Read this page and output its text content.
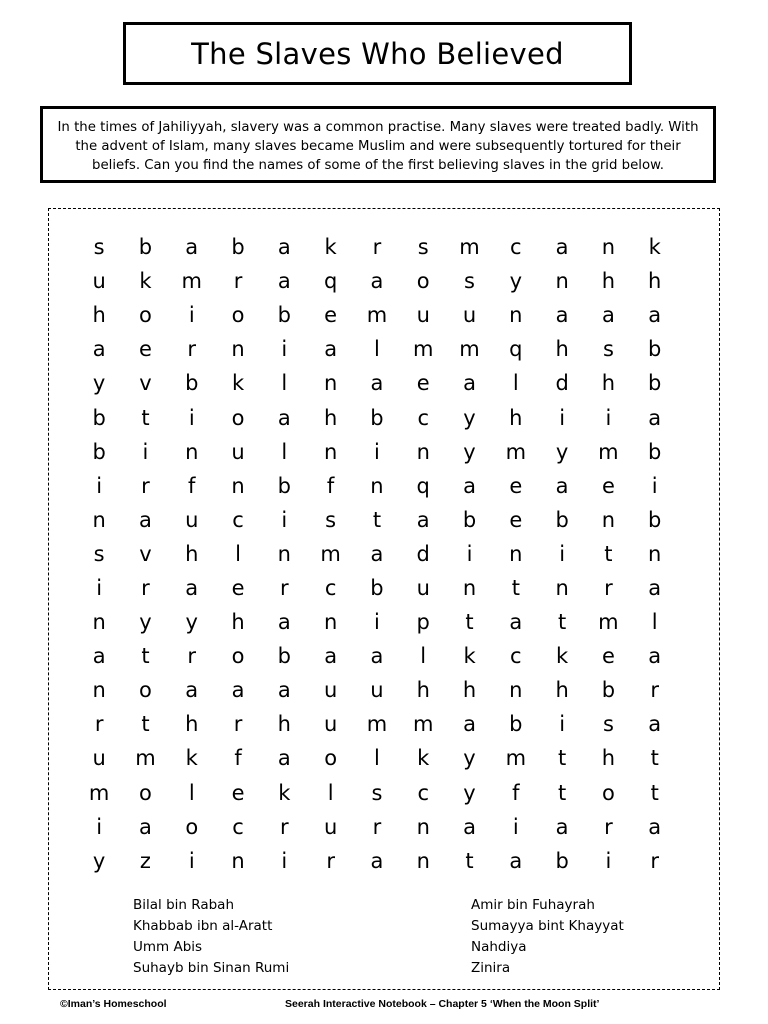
The Slaves Who Believed
In the times of Jahiliyyah, slavery was a common practise. Many slaves were treated badly. With the advent of Islam, many slaves became Muslim and were subsequently tortured for their beliefs. Can you find the names of some of the first believing slaves in the grid below.
s	b	a	b	a	k	r	s	m	c	a	n	k
u	k	m	r	a	q	a	o	s	y	n	h	h
h	o	i	o	b	e	m	u	u	n	a	a	a
a	e	r	n	i	a	l	m	m	q	h	s	b
y	v	b	k	l	n	a	e	a	l	d	h	b
b	t	i	o	a	h	b	c	y	h	i	i	a
b	i	n	u	l	n	i	n	y	m	y	m	b
i	r	f	n	b	f	n	q	a	e	a	e	i
n	a	u	c	i	s	t	a	b	e	b	n	b
s	v	h	l	n	m	a	d	i	n	i	t	n
i	r	a	e	r	c	b	u	n	t	n	r	a
n	y	y	h	a	n	i	p	t	a	t	m	l
a	t	r	o	b	a	a	l	k	c	k	e	a
n	o	a	a	a	u	u	h	h	n	h	b	r
r	t	h	r	h	u	m	m	a	b	i	s	a
u	m	k	f	a	o	l	k	y	m	t	h	t
m	o	l	e	k	l	s	c	y	f	t	o	t
i	a	o	c	r	u	r	n	a	i	a	r	a
y	z	i	n	i	r	a	n	t	a	b	i	r
Bilal bin Rabah
Khabbab ibn al-Aratt
Umm Abis
Suhayb bin Sinan Rumi
Amir bin Fuhayrah
Sumayya bint Khayyat
Nahdiya
Zinira
©Iman’s Homeschool	Seerah Interactive Notebook – Chapter 5 ‘When the Moon Split’
